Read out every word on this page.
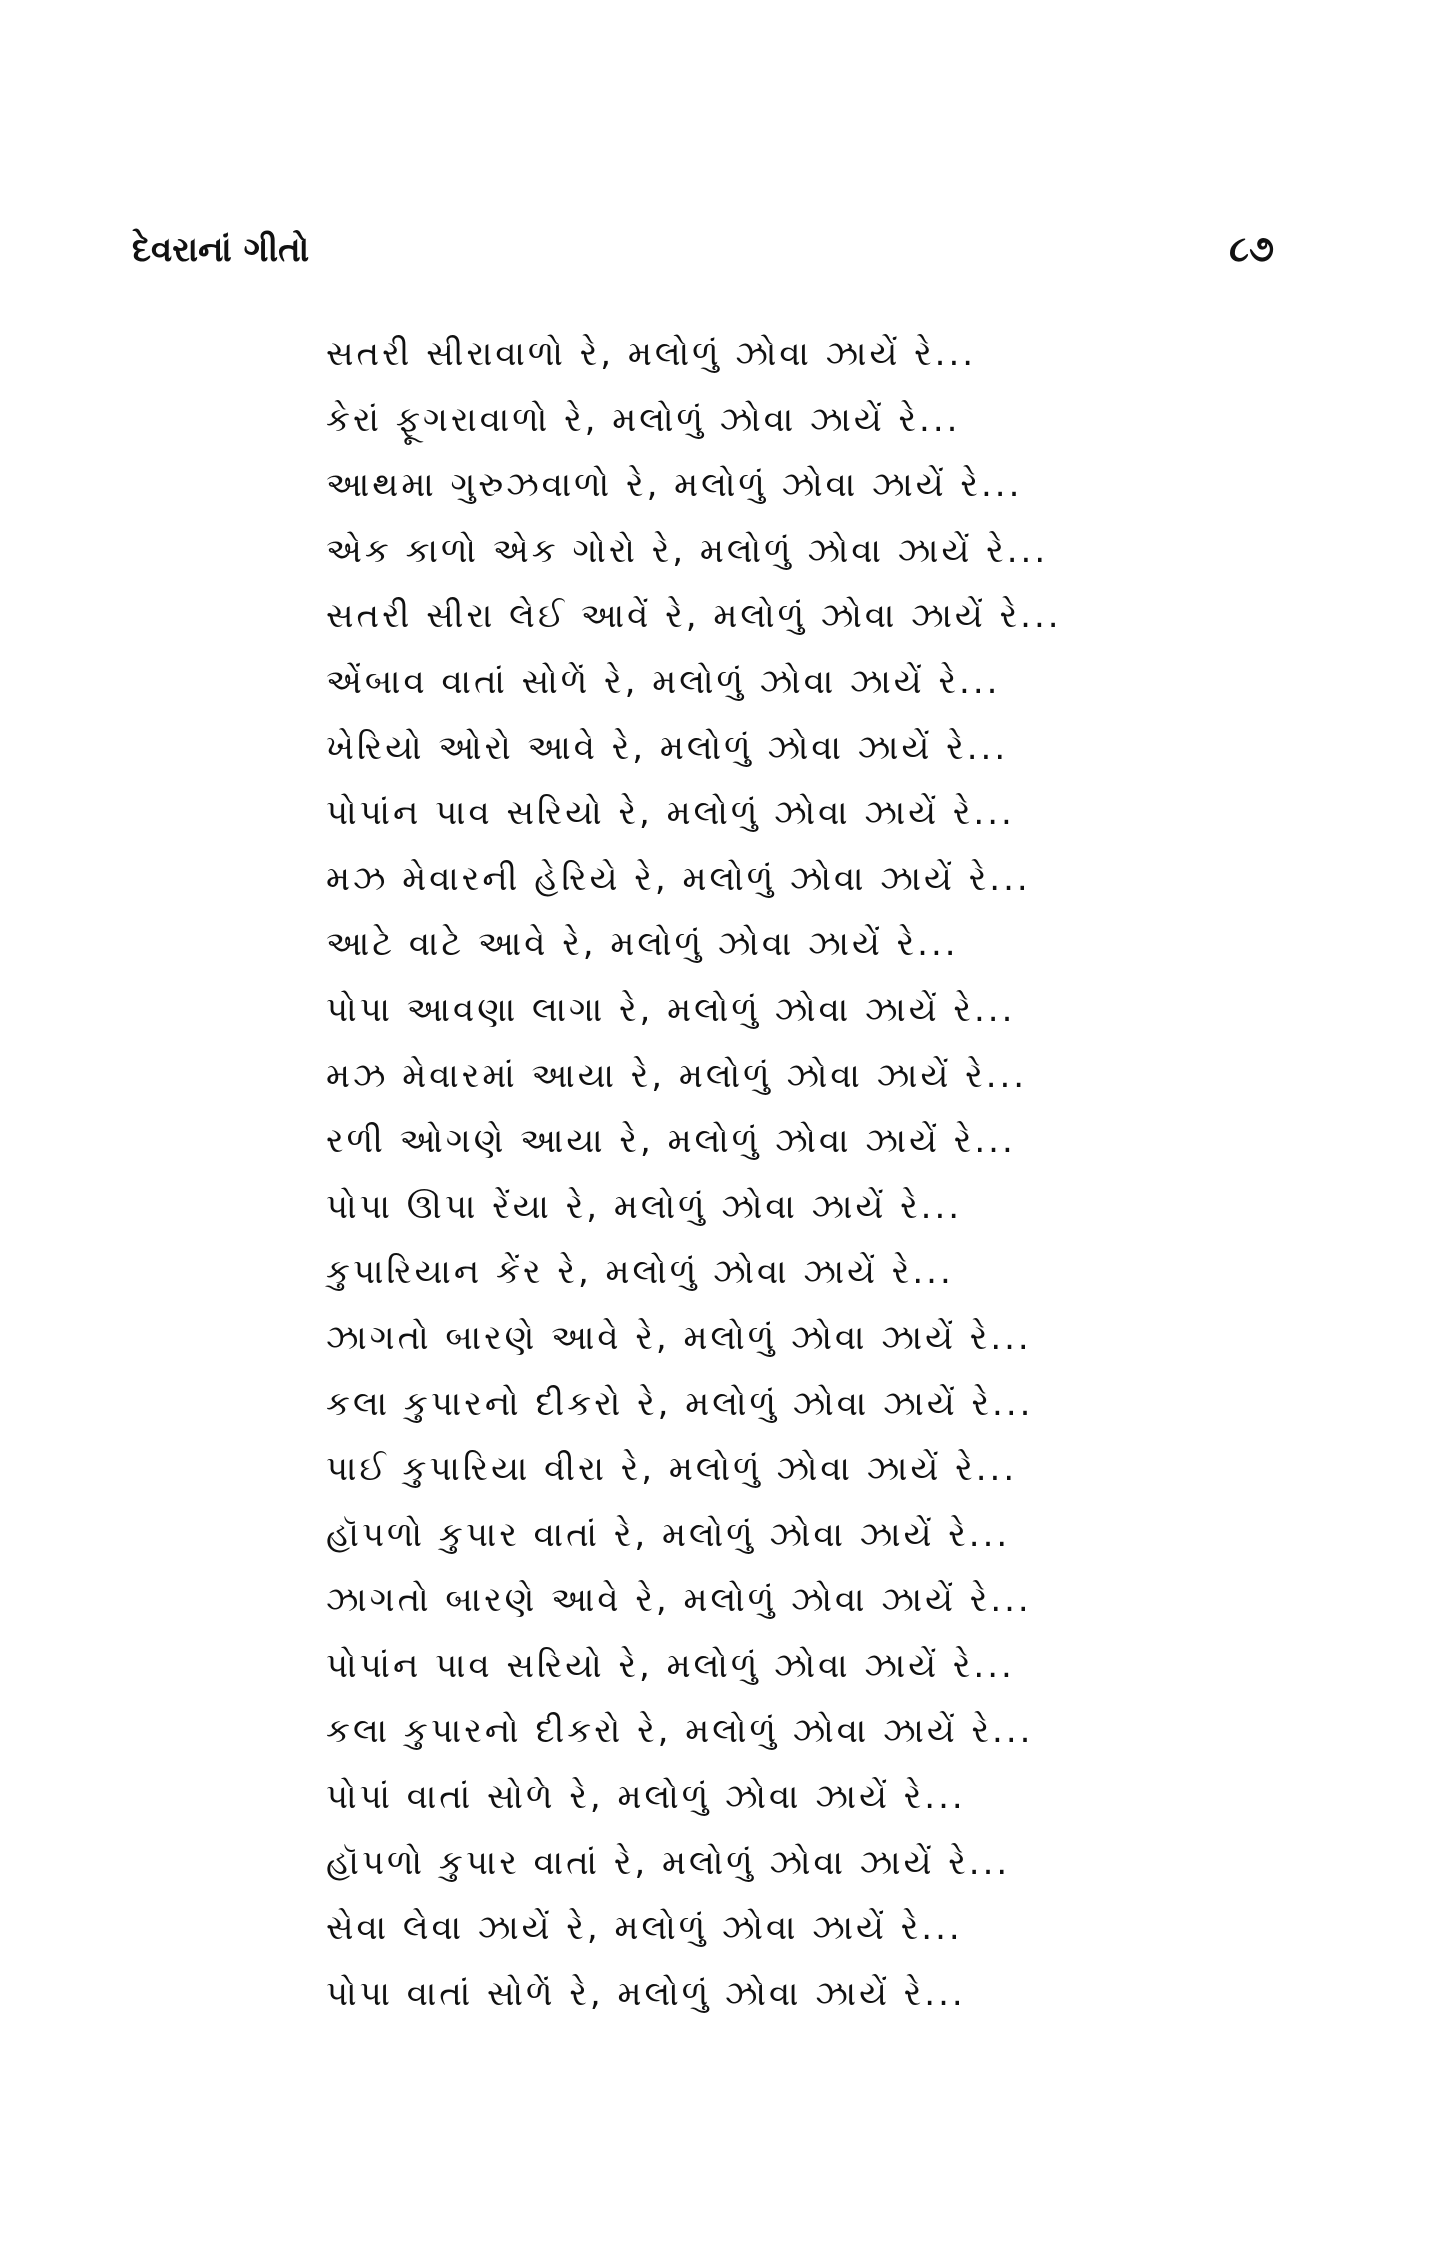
દેવરાનાં ગીતો	૮૭
સતરી સીરાવાળો રે, મલોળું ઝોવા ઝાયેં રે...
કેરાં ફૂગરાવાળો રે, મલોળું ઝોવા ઝાયેં રે...
આથમા ગુરુઝવાળો રે, મલોળું ઝોવા ઝાયેં રે...
એક કાળો એક ગોરો રે, મલોળું ઝોવા ઝાયેં રે...
સતરી સીરા લેઈ આવેં રે, મલોળું ઝોવા ઝાયેં રે...
એંબાવ વાતાં સોળેં રે, મલોળું ઝોવા ઝાયેં રે...
ખેરિયો ઓરો આવે રે, મલોળું ઝોવા ઝાયેં રે...
પોપાંન પાવ સરિયો રે, મલોળું ઝોવા ઝાયેં રે...
મઝ મેવારની હેરિયે રે, મલોળું ઝોવા ઝાયેં રે...
આટે વાટે આવે રે, મલોળું ઝોવા ઝાયેં રે...
પોપા આવણા લાગા રે, મલોળું ઝોવા ઝાયેં રે...
મઝ મેવારમાં આયા રે, મલોળું ઝોવા ઝાયેં રે...
રળી ઓગણે આયા રે, મલોળું ઝોવા ઝાયેં રે...
પોપા ઊપા રેંયા રે, મલોળું ઝોવા ઝાયેં રે...
કુપારિયાન કેંર રે, મલોળું ઝોવા ઝાયેં રે...
ઝાગતો બારણે આવે રે, મલોળું ઝોવા ઝાયેં રે...
કલા કુપારનો દીકરો રે, મલોળું ઝોવા ઝાયેં રે...
પાઈ કુપારિયા વીરા રે, મલોળું ઝોવા ઝાયેં રે...
હૉપળો કુપાર વાતાં રે, મલોળું ઝોવા ઝાયેં રે...
ઝાગતો બારણે આવે રે, મલોળું ઝોવા ઝાયેં રે...
પોપાંન પાવ સરિયો રે, મલોળું ઝોવા ઝાયેં રે...
કલા કુપારનો દીકરો રે, મલોળું ઝોવા ઝાયેં રે...
પોપાં વાતાં સોળે રે, મલોળું ઝોવા ઝાયેં રે...
હૉપળો કુપાર વાતાં રે, મલોળું ઝોવા ઝાયેં રે...
સેવા લેવા ઝાયેં રે, મલોળું ઝોવા ઝાયેં રે...
પોપા વાતાં સોળેં રે, મલોળું ઝોવા ઝાયેં રે...
